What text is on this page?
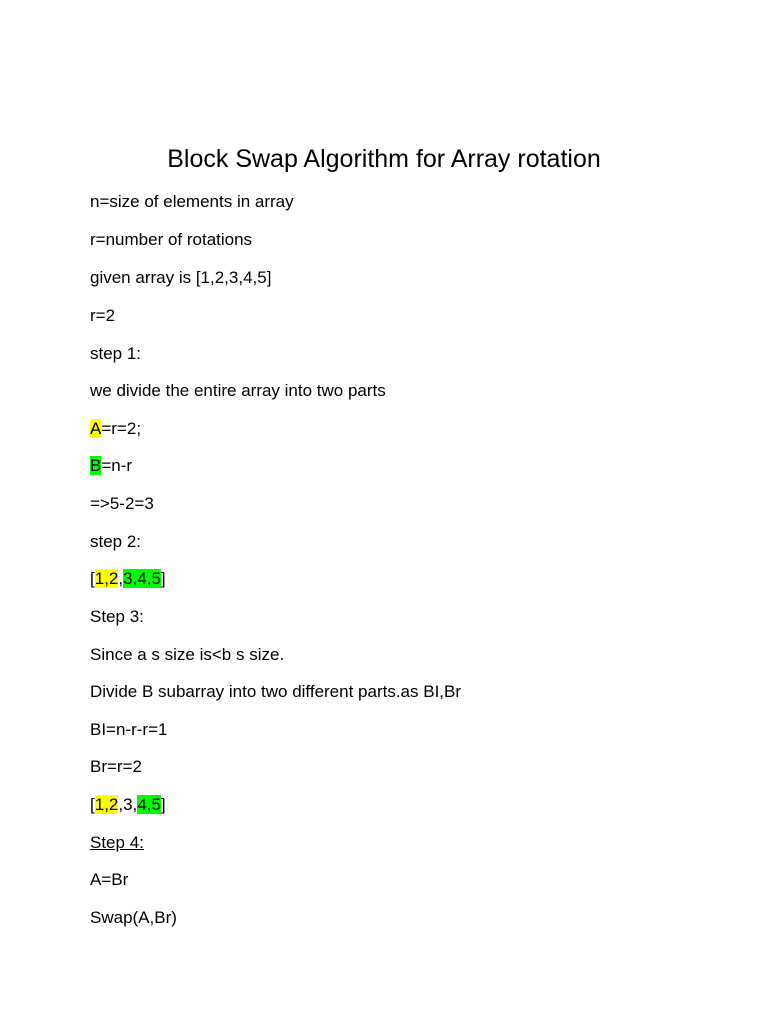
Block Swap Algorithm for Array rotation
n=size of elements in array
r=number of rotations
given array is [1,2,3,4,5]
r=2
step 1:
we divide the entire array into two parts
A=r=2;
B=n-r
=>5-2=3
step 2:
[1,2,3,4,5]
Step 3:
Since a s size is<b s size.
Divide B subarray into two different parts.as BI,Br
BI=n-r-r=1
Br=r=2
[1,2,3,4,5]
Step 4:
A=Br
Swap(A,Br)
